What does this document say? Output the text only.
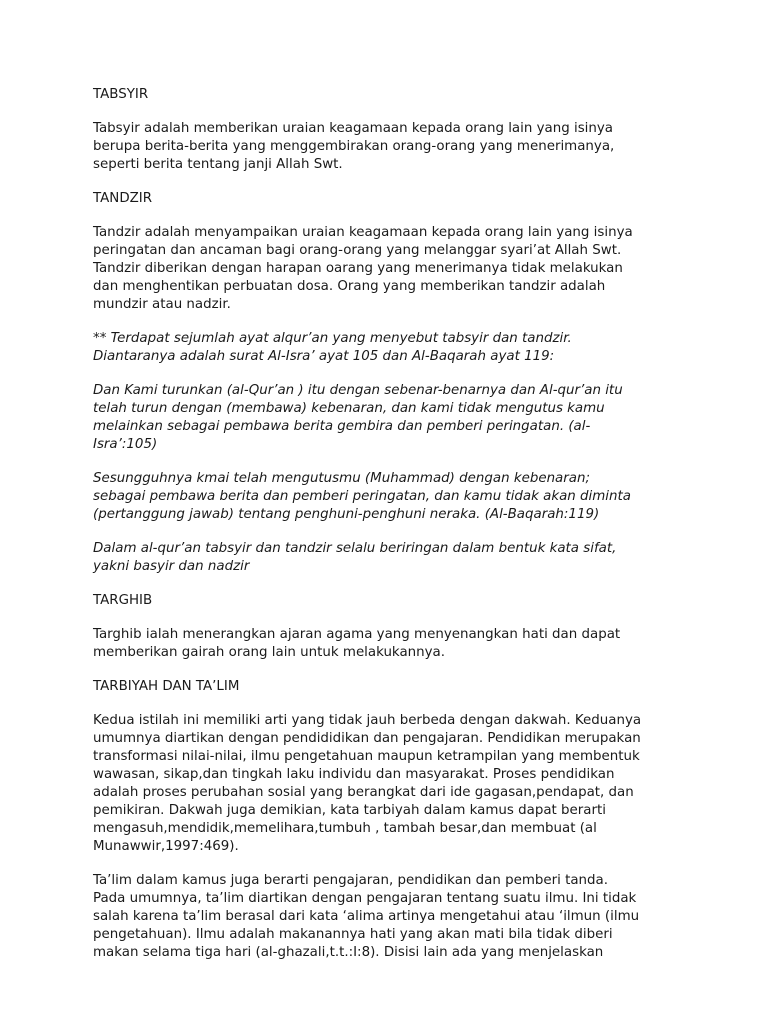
TABSYIR
Tabsyir adalah memberikan uraian keagamaan kepada orang lain yang isinya
berupa berita-berita yang menggembirakan orang-orang yang menerimanya,
seperti berita tentang janji Allah Swt.
TANDZIR
Tandzir adalah menyampaikan uraian keagamaan kepada orang lain yang isinya
peringatan dan ancaman bagi orang-orang yang melanggar syari’at Allah Swt.
Tandzir diberikan dengan harapan oarang yang menerimanya tidak melakukan
dan menghentikan perbuatan dosa. Orang yang memberikan tandzir adalah
mundzir atau nadzir.
** Terdapat sejumlah ayat alqur’an yang menyebut tabsyir dan tandzir.
Diantaranya adalah surat Al-Isra’ ayat 105 dan Al-Baqarah ayat 119:
Dan Kami turunkan (al-Qur’an ) itu dengan sebenar-benarnya dan Al-qur’an itu
telah turun dengan (membawa) kebenaran, dan kami tidak mengutus kamu
melainkan sebagai pembawa berita gembira dan pemberi peringatan. (al-
Isra’:105)
Sesungguhnya kmai telah mengutusmu (Muhammad) dengan kebenaran;
sebagai pembawa berita dan pemberi peringatan, dan kamu tidak akan diminta
(pertanggung jawab) tentang penghuni-penghuni neraka. (Al-Baqarah:119)
Dalam al-qur’an tabsyir dan tandzir selalu beriringan dalam bentuk kata sifat,
yakni basyir dan nadzir
TARGHIB
Targhib ialah menerangkan ajaran agama yang menyenangkan hati dan dapat
memberikan gairah orang lain untuk melakukannya.
TARBIYAH DAN TA’LIM
Kedua istilah ini memiliki arti yang tidak jauh berbeda dengan dakwah. Keduanya
umumnya diartikan dengan pendididikan dan pengajaran. Pendidikan merupakan
transformasi nilai-nilai, ilmu pengetahuan maupun ketrampilan yang membentuk
wawasan, sikap,dan tingkah laku individu dan masyarakat. Proses pendidikan
adalah proses perubahan sosial yang berangkat dari ide gagasan,pendapat, dan
pemikiran. Dakwah juga demikian, kata tarbiyah dalam kamus dapat berarti
mengasuh,mendidik,memelihara,tumbuh , tambah besar,dan membuat (al
Munawwir,1997:469).
Ta’lim dalam kamus juga berarti pengajaran, pendidikan dan pemberi tanda.
Pada umumnya, ta’lim diartikan dengan pengajaran tentang suatu ilmu. Ini tidak
salah karena ta’lim berasal dari kata ‘alima artinya mengetahui atau ‘ilmun (ilmu
pengetahuan). Ilmu adalah makanannya hati yang akan mati bila tidak diberi
makan selama tiga hari (al-ghazali,t.t.:I:8). Disisi lain ada yang menjelaskan
